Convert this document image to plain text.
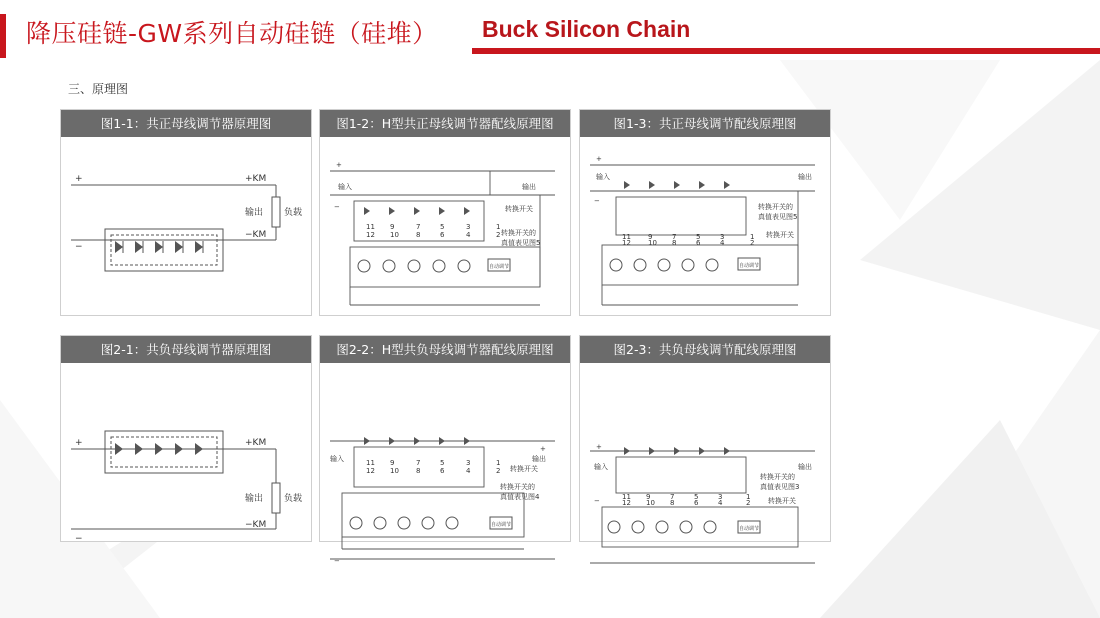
降压硅链-GW系列自动硅链（硅堆） Buck Silicon Chain
三、原理图
图1-1：共正母线调节器原理图
+
−
+KM
−KM
输出 负载
图1-2：H型共正母线调节器配线原理图
+
−
输入	输出
转换开关
转换开关的
真值表见图5
自动调节
11
12
9
10
7
8
5
6
3
4
1
2
图1-3：共正母线调节配线原理图
+
−
输入	输出
转换开关的
真值表见图5
转换开关
自动调节
11
12
9
10
7
8
5
6
3
4
1
2
图2-1：共负母线调节器原理图
+
−
+KM
−KM
输出 负载
图2-2：H型共负母线调节器配线原理图
+
−
输入	输出
转换开关
转换开关的
真值表见图4
自动调节
11
12
9
10
7
8
5
6
3
4
1
2
图2-3：共负母线调节配线原理图
+
−
输入	输出
转换开关的
真值表见图3
转换开关
自动调节
11
12
9
10
7
8
5
6
3
4
1
2
